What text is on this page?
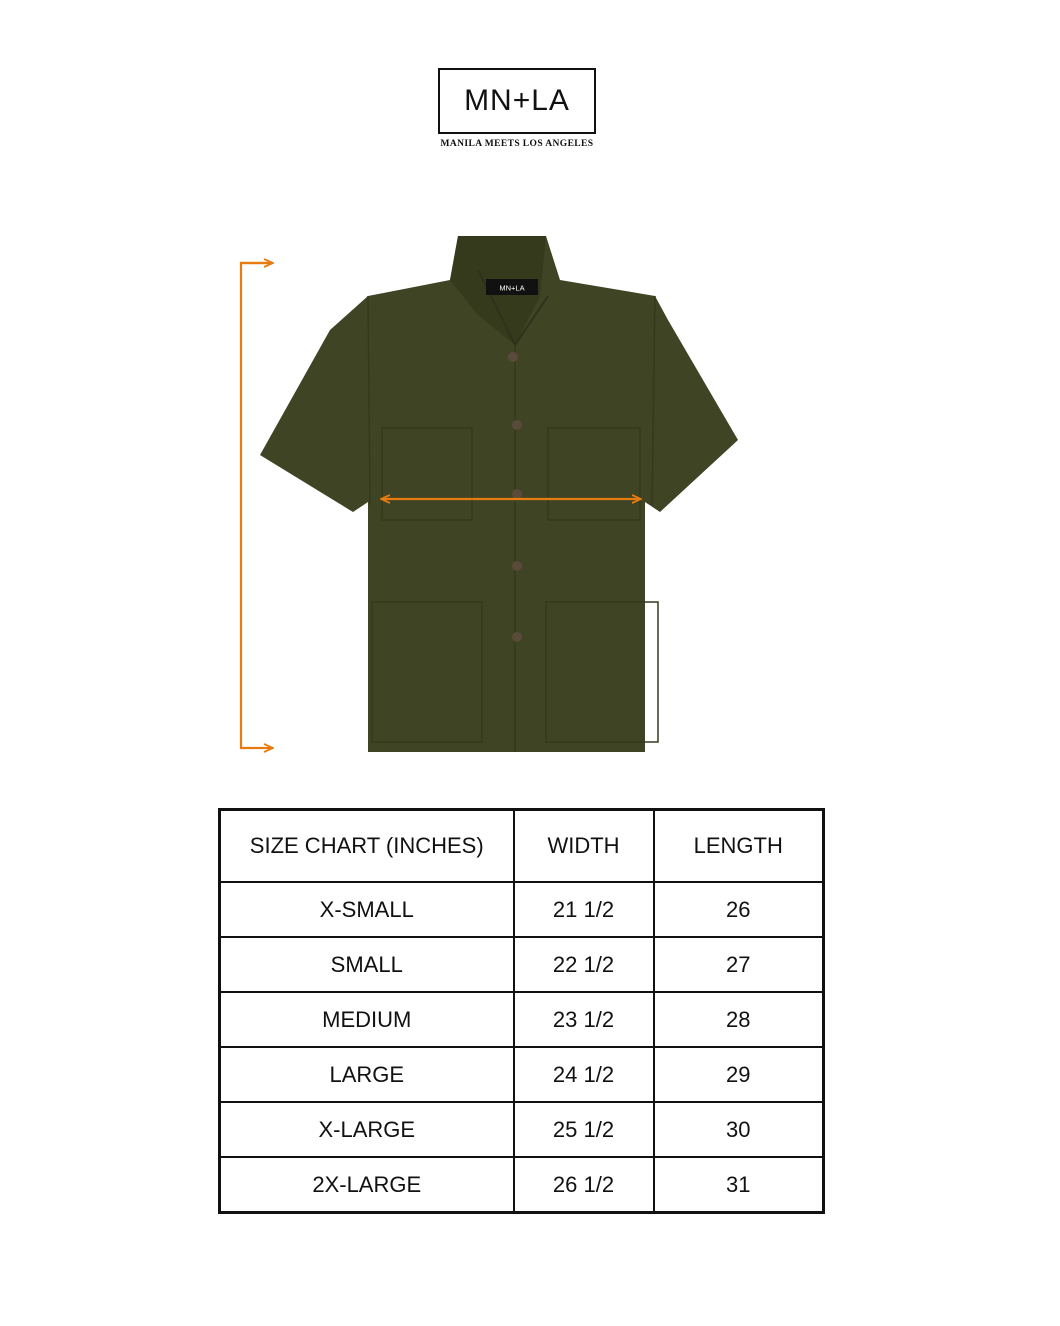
MN+LA
MANILA MEETS LOS ANGELES
MN+LA
SIZE CHART (INCHES)	WIDTH	LENGTH
X-SMALL	21 1/2	26
SMALL	22 1/2	27
MEDIUM	23 1/2	28
LARGE	24 1/2	29
X-LARGE	25 1/2	30
2X-LARGE	26 1/2	31
